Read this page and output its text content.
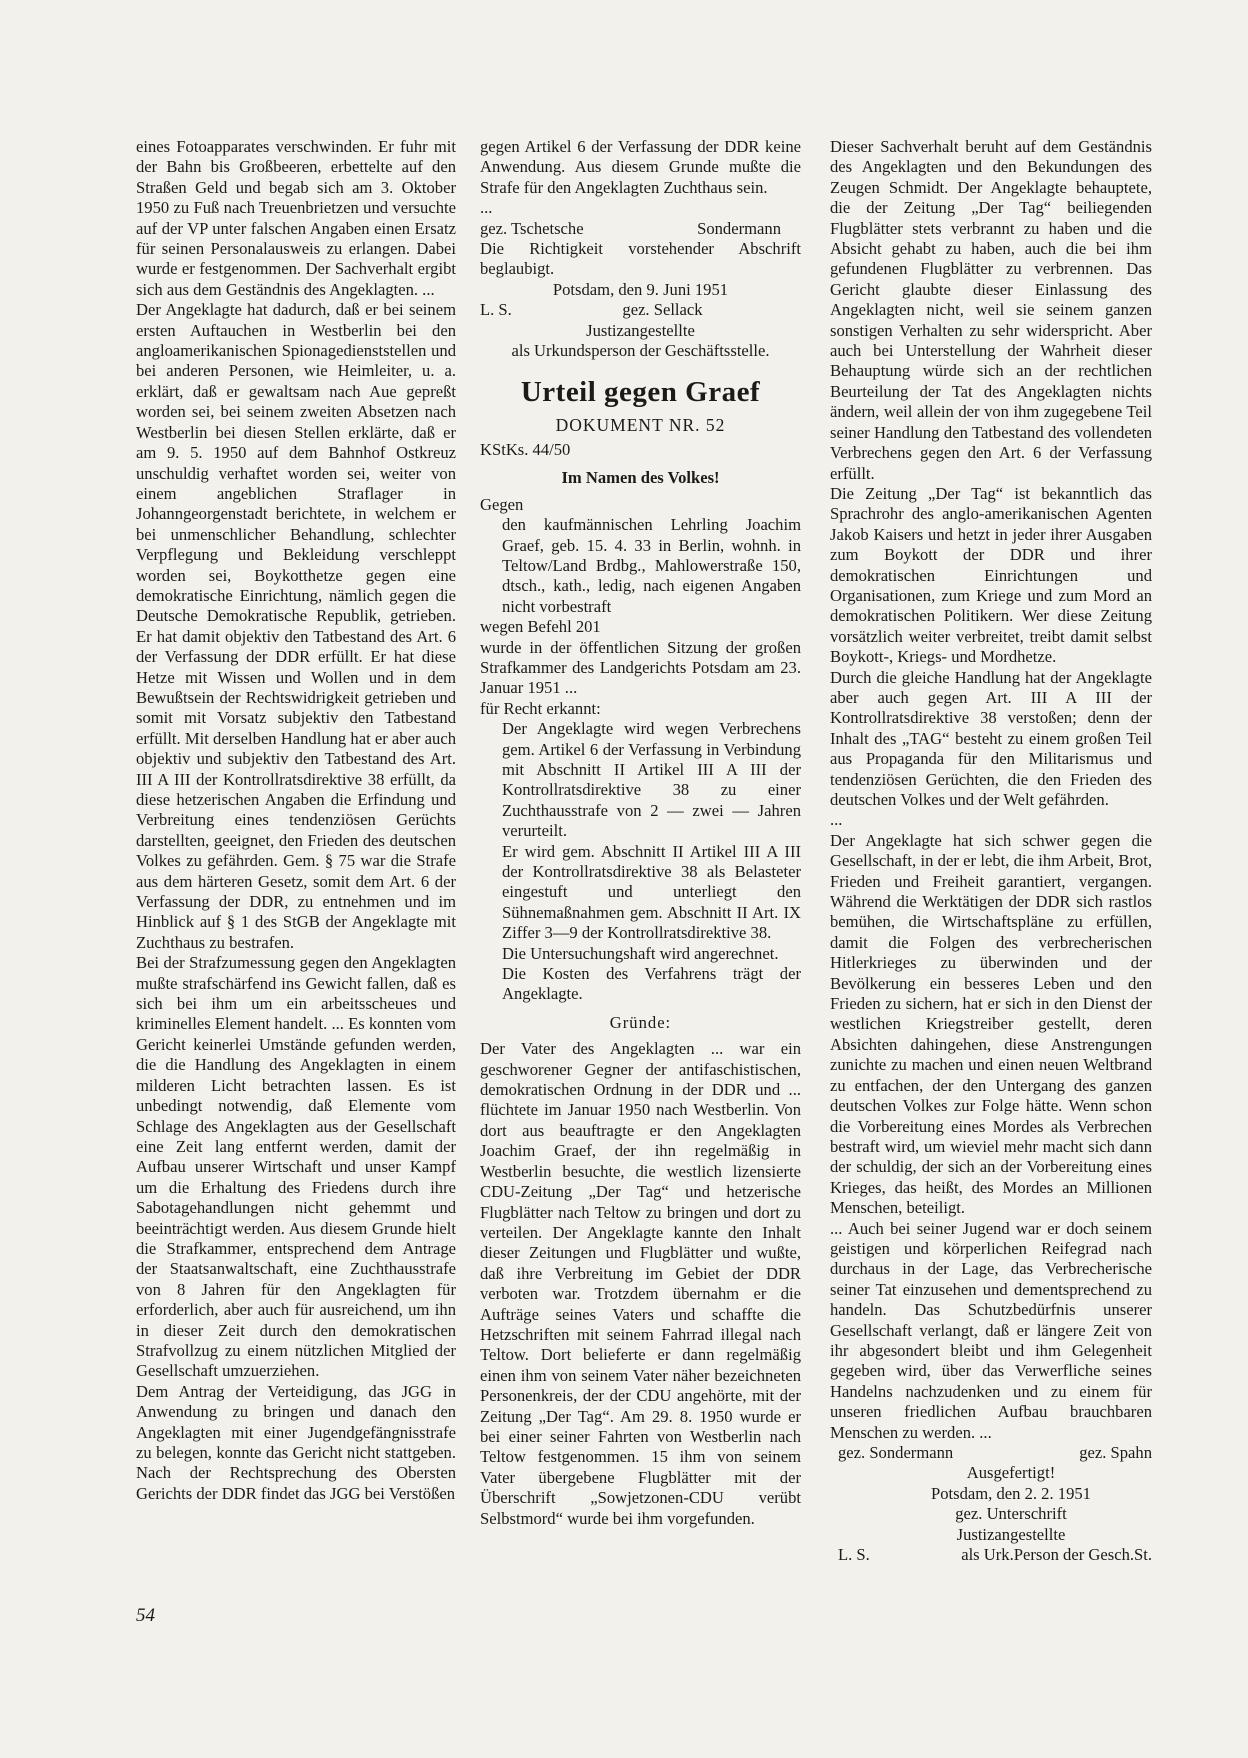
eines Fotoapparates verschwinden. Er fuhr mit der Bahn bis Großbeeren, erbettelte auf den Straßen Geld und begab sich am 3. Oktober 1950 zu Fuß nach Treuenbrietzen und versuchte auf der VP unter falschen Angaben einen Ersatz für seinen Personalausweis zu erlangen. Dabei wurde er festgenommen. Der Sachverhalt ergibt sich aus dem Geständnis des Angeklagten. ...

Der Angeklagte hat dadurch, daß er bei seinem ersten Auftauchen in Westberlin bei den angloamerikanischen Spionagedienststellen und bei anderen Personen, wie Heimleiter, u. a. erklärt, daß er gewaltsam nach Aue gepreßt worden sei, bei seinem zweiten Absetzen nach Westberlin bei diesen Stellen erklärte, daß er am 9. 5. 1950 auf dem Bahnhof Ostkreuz unschuldig verhaftet worden sei, weiter von einem angeblichen Straflager in Johanngeorgenstadt berichtete, in welchem er bei unmenschlicher Behandlung, schlechter Verpflegung und Bekleidung verschleppt worden sei, Boykotthetze gegen eine demokratische Einrichtung, nämlich gegen die Deutsche Demokratische Republik, getrieben. Er hat damit objektiv den Tatbestand des Art. 6 der Verfassung der DDR erfüllt. Er hat diese Hetze mit Wissen und Wollen und in dem Bewußtsein der Rechtswidrigkeit getrieben und somit mit Vorsatz subjektiv den Tatbestand erfüllt. Mit derselben Handlung hat er aber auch objektiv und subjektiv den Tatbestand des Art. III A III der Kontrollratsdirektive 38 erfüllt, da diese hetzerischen Angaben die Erfindung und Verbreitung eines tendenziösen Gerüchts darstellten, geeignet, den Frieden des deutschen Volkes zu gefährden. Gem. § 75 war die Strafe aus dem härteren Gesetz, somit dem Art. 6 der Verfassung der DDR, zu entnehmen und im Hinblick auf § 1 des StGB der Angeklagte mit Zuchthaus zu bestrafen.

Bei der Strafzumessung gegen den Angeklagten mußte strafschärfend ins Gewicht fallen, daß es sich bei ihm um ein arbeitsscheues und kriminelles Element handelt. ... Es konnten vom Gericht keinerlei Umstände gefunden werden, die die Handlung des Angeklagten in einem milderen Licht betrachten lassen. Es ist unbedingt notwendig, daß Elemente vom Schlage des Angeklagten aus der Gesellschaft eine Zeit lang entfernt werden, damit der Aufbau unserer Wirtschaft und unser Kampf um die Erhaltung des Friedens durch ihre Sabotagehandlungen nicht gehemmt und beeinträchtigt werden. Aus diesem Grunde hielt die Strafkammer, entsprechend dem Antrage der Staatsanwaltschaft, eine Zuchthausstrafe von 8 Jahren für den Angeklagten für erforderlich, aber auch für ausreichend, um ihn in dieser Zeit durch den demokratischen Strafvollzug zu einem nützlichen Mitglied der Gesellschaft umzuerziehen.

Dem Antrag der Verteidigung, das JGG in Anwendung zu bringen und danach den Angeklagten mit einer Jugendgefängnisstrafe zu belegen, konnte das Gericht nicht stattgeben. Nach der Rechtsprechung des Obersten Gerichts der DDR findet das JGG bei Verstößen

gegen Artikel 6 der Verfassung der DDR keine Anwendung. Aus diesem Grunde mußte die Strafe für den Angeklagten Zuchthaus sein.

...

gez. Tschetsche	Sondermann

Die Richtigkeit vorstehender Abschrift beglaubigt.

Potsdam, den 9. Juni 1951

L. S.	gez. Sellack

Justizangestellte

als Urkundsperson der Geschäftsstelle.

Urteil gegen Graef
DOKUMENT NR. 52

KStKs. 44/50

Im Namen des Volkes!

Gegen

den kaufmännischen Lehrling Joachim Graef, geb. 15. 4. 33 in Berlin, wohnh. in Teltow/Land Brdbg., Mahlowerstraße 150, dtsch., kath., ledig, nach eigenen Angaben nicht vorbestraft

wegen Befehl 201

wurde in der öffentlichen Sitzung der großen Strafkammer des Landgerichts Potsdam am 23. Januar 1951 ...

für Recht erkannt:

Der Angeklagte wird wegen Verbrechens gem. Artikel 6 der Verfassung in Verbindung mit Abschnitt II Artikel III A III der Kontrollratsdirektive 38 zu einer Zuchthausstrafe von 2 — zwei — Jahren verurteilt.

Er wird gem. Abschnitt II Artikel III A III der Kontrollratsdirektive 38 als Belasteter eingestuft und unterliegt den Sühnemaßnahmen gem. Abschnitt II Art. IX Ziffer 3—9 der Kontrollratsdirektive 38.

Die Untersuchungshaft wird angerechnet.

Die Kosten des Verfahrens trägt der Angeklagte.

Gründe:

Der Vater des Angeklagten ... war ein geschworener Gegner der antifaschistischen, demokratischen Ordnung in der DDR und ... flüchtete im Januar 1950 nach Westberlin. Von dort aus beauftragte er den Angeklagten Joachim Graef, der ihn regelmäßig in Westberlin besuchte, die westlich lizensierte CDU-Zeitung „Der Tag“ und hetzerische Flugblätter nach Teltow zu bringen und dort zu verteilen. Der Angeklagte kannte den Inhalt dieser Zeitungen und Flugblätter und wußte, daß ihre Verbreitung im Gebiet der DDR verboten war. Trotzdem übernahm er die Aufträge seines Vaters und schaffte die Hetzschriften mit seinem Fahrrad illegal nach Teltow. Dort belieferte er dann regelmäßig einen ihm von seinem Vater näher bezeichneten Personenkreis, der der CDU angehörte, mit der Zeitung „Der Tag“. Am 29. 8. 1950 wurde er bei einer seiner Fahrten von Westberlin nach Teltow festgenommen. 15 ihm von seinem Vater übergebene Flugblätter mit der Überschrift „Sowjetzonen-CDU verübt Selbstmord“ wurde bei ihm vorgefunden.

Dieser Sachverhalt beruht auf dem Geständnis des Angeklagten und den Bekundungen des Zeugen Schmidt. Der Angeklagte behauptete, die der Zeitung „Der Tag“ beiliegenden Flugblätter stets verbrannt zu haben und die Absicht gehabt zu haben, auch die bei ihm gefundenen Flugblätter zu verbrennen. Das Gericht glaubte dieser Einlassung des Angeklagten nicht, weil sie seinem ganzen sonstigen Verhalten zu sehr widerspricht. Aber auch bei Unterstellung der Wahrheit dieser Behauptung würde sich an der rechtlichen Beurteilung der Tat des Angeklagten nichts ändern, weil allein der von ihm zugegebene Teil seiner Handlung den Tatbestand des vollendeten Verbrechens gegen den Art. 6 der Verfassung erfüllt.

Die Zeitung „Der Tag“ ist bekanntlich das Sprachrohr des anglo-amerikanischen Agenten Jakob Kaisers und hetzt in jeder ihrer Ausgaben zum Boykott der DDR und ihrer demokratischen Einrichtungen und Organisationen, zum Kriege und zum Mord an demokratischen Politikern. Wer diese Zeitung vorsätzlich weiter verbreitet, treibt damit selbst Boykott-, Kriegs- und Mordhetze.

Durch die gleiche Handlung hat der Angeklagte aber auch gegen Art. III A III der Kontrollratsdirektive 38 verstoßen; denn der Inhalt des „TAG“ besteht zu einem großen Teil aus Propaganda für den Militarismus und tendenziösen Gerüchten, die den Frieden des deutschen Volkes und der Welt gefährden.

...

Der Angeklagte hat sich schwer gegen die Gesellschaft, in der er lebt, die ihm Arbeit, Brot, Frieden und Freiheit garantiert, vergangen. Während die Werktätigen der DDR sich rastlos bemühen, die Wirtschaftspläne zu erfüllen, damit die Folgen des verbrecherischen Hitlerkrieges zu überwinden und der Bevölkerung ein besseres Leben und den Frieden zu sichern, hat er sich in den Dienst der westlichen Kriegstreiber gestellt, deren Absichten dahingehen, diese Anstrengungen zunichte zu machen und einen neuen Weltbrand zu entfachen, der den Untergang des ganzen deutschen Volkes zur Folge hätte. Wenn schon die Vorbereitung eines Mordes als Verbrechen bestraft wird, um wieviel mehr macht sich dann der schuldig, der sich an der Vorbereitung eines Krieges, das heißt, des Mordes an Millionen Menschen, beteiligt.

... Auch bei seiner Jugend war er doch seinem geistigen und körperlichen Reifegrad nach durchaus in der Lage, das Verbrecherische seiner Tat einzusehen und dementsprechend zu handeln. Das Schutzbedürfnis unserer Gesellschaft verlangt, daß er längere Zeit von ihr abgesondert bleibt und ihm Gelegenheit gegeben wird, über das Verwerfliche seines Handelns nachzudenken und zu einem für unseren friedlichen Aufbau brauchbaren Menschen zu werden. ...

gez. Sondermann	gez. Spahn

Ausgefertigt!

Potsdam, den 2. 2. 1951

gez. Unterschrift

Justizangestellte

L. S.	als Urk.Person der Gesch.St.
54
